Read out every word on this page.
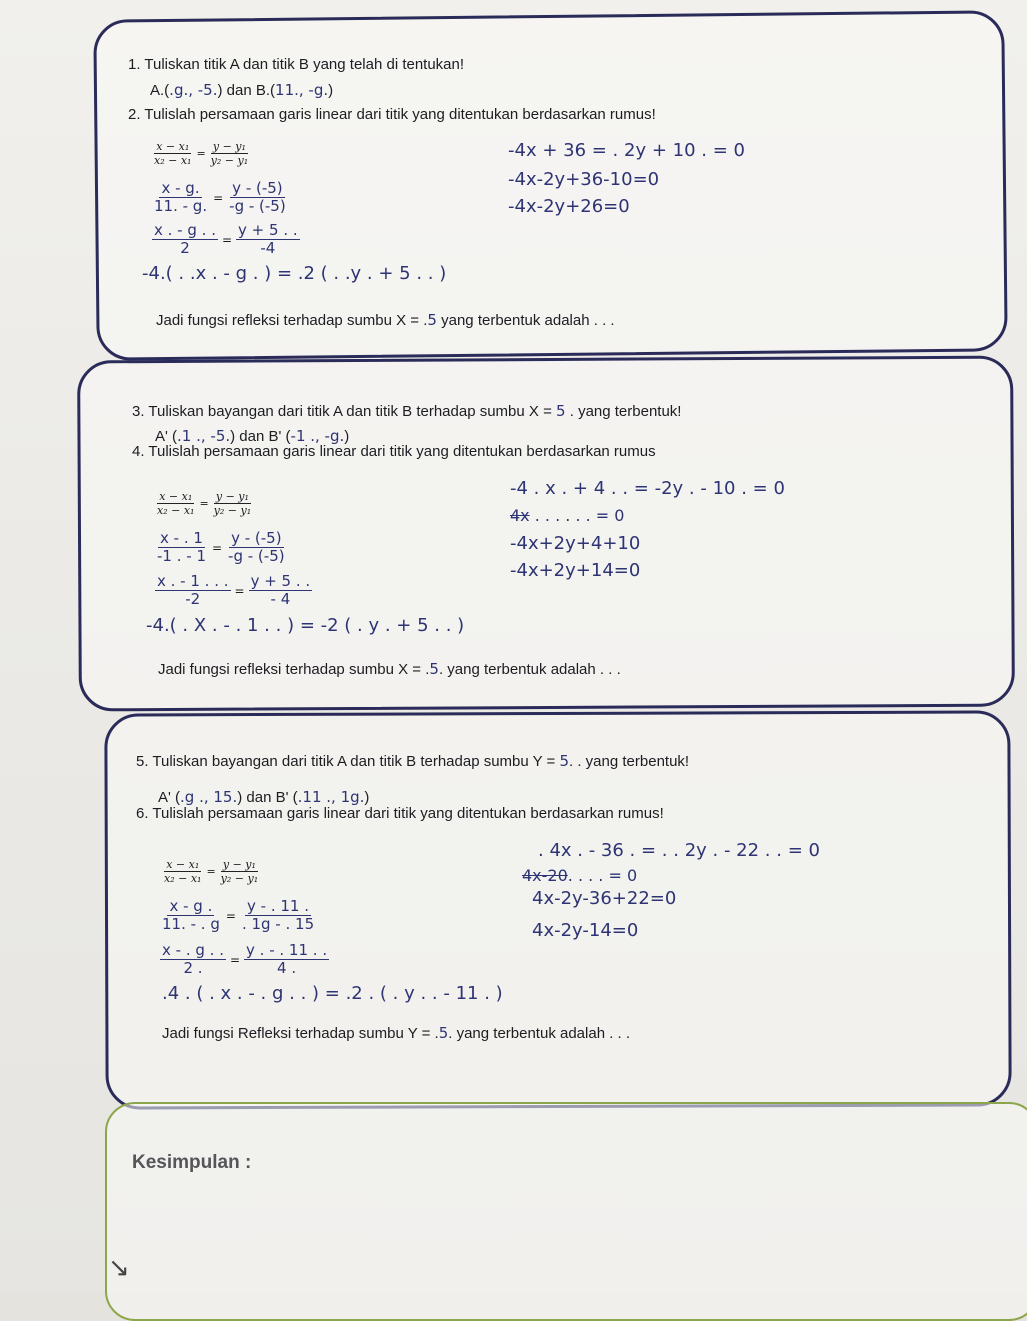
1. Tuliskan titik A dan titik B yang telah di tentukan!
A.(.g., -5.) dan B.(11., -g.)
2. Tulislah persamaan garis linear dari titik yang ditentukan berdasarkan rumus!
$\frac{\text{x − x₁}}{\text{x₂ − x₁}} = \frac{\text{y − y₁}}{\text{y₂ − y₁}}$
$\frac{x - g.}{11. - g.} = \frac{y - (-5)}{-g - (-5)}$
$\frac{x . - g . .}{2} = \frac{y + 5 . .}{-4}$
-4.( . .x . - g . ) = .2 ( . .y . + 5 . . )
-4x + 36 = . 2y + 10 . = 0
-4x-2y+36-10=0
-4x-2y+26=0
Jadi fungsi refleksi terhadap sumbu X = .5 yang terbentuk adalah . . .
3. Tuliskan bayangan dari titik A dan titik B terhadap sumbu X = 5 . yang terbentuk!
A' (.1 ., -5.) dan B' (-1 ., -g.)
4. Tulislah persamaan garis linear dari titik yang ditentukan berdasarkan rumus
$\frac{\text{x − x₁}}{\text{x₂ − x₁}} = \frac{\text{y − y₁}}{\text{y₂ − y₁}}$
$\frac{x - . 1}{-1 . - 1} = \frac{y - (-5)}{-g - (-5)}$
$\frac{x . - 1 . . .}{-2} = \frac{y + 5 . .}{- 4}$
-4.( . X . - . 1 . . ) = -2 ( . y . + 5 . . )
-4 . x . + 4 . . = -2y . - 10 . = 0
4x . . . . . . = 0
-4x+2y+4+10
-4x+2y+14=0
Jadi fungsi refleksi terhadap sumbu X = .5. yang terbentuk adalah . . .
5. Tuliskan bayangan dari titik A dan titik B terhadap sumbu Y = 5. . yang terbentuk!
A' (.g ., 15.) dan B' (.11 ., 1g.)
6. Tulislah persamaan garis linear dari titik yang ditentukan berdasarkan rumus!
$\frac{\text{x − x₁}}{\text{x₂ − x₁}} = \frac{\text{y − y₁}}{\text{y₂ − y₁}}$
$\frac{x - g .}{11. - . g} = \frac{y - . 11 .}{. 1g - . 15}$
$\frac{x - . g . .}{2 .} = \frac{y . - . 11 . .}{4 .}$
.4 . ( . x . - . g . . ) = .2 . ( . y . . - 11 . )
. 4x . - 36 . = . . 2y . - 22 . . = 0
4x-20. . . . = 0
4x-2y-36+22=0
4x-2y-14=0
Jadi fungsi Refleksi terhadap sumbu Y = .5. yang terbentuk adalah . . .
Kesimpulan :
↘
